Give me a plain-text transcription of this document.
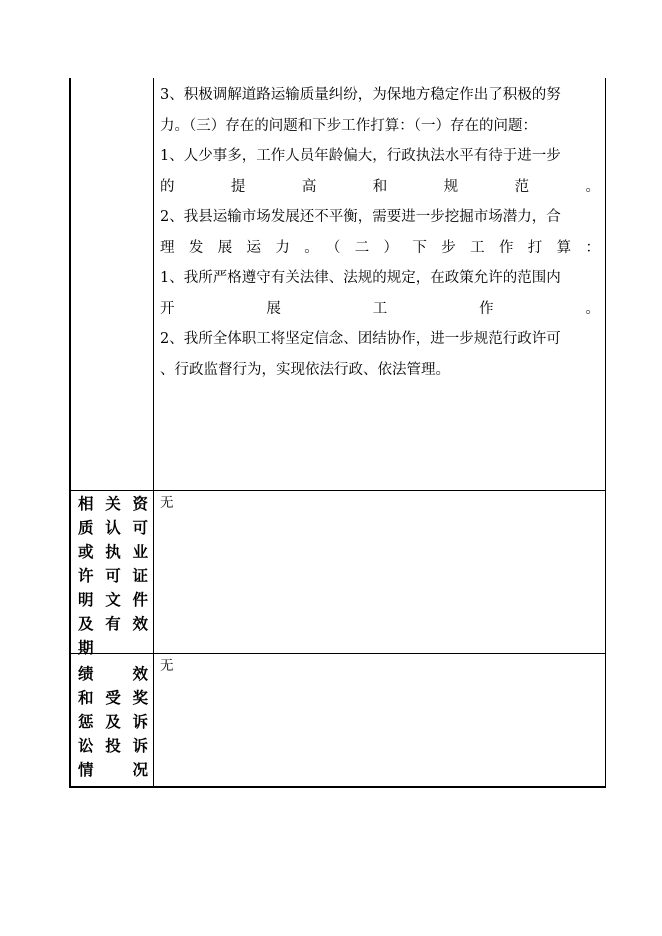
3、积极调解道路运输质量纠纷，为保地方稳定作出了积极的努
力。（三）存在的问题和下步工作打算：（一）存在的问题：
1、人少事多，工作人员年龄偏大，行政执法水平有待于进一步
的　　提　　高　　和　　规　　范　　。
2、我县运输市场发展还不平衡，需要进一步挖掘市场潜力，合
理发展运力。（二）下步工作打算：
1、我所严格遵守有关法律、法规的规定，在政策允许的范围内
开　　展　　工　　作　　。
2、我所全体职工将坚定信念、团结协作，进一步规范行政许可
、行政监督行为，实现依法行政、依法管理。
相关资
质认可
或执业
许可证
明文件
及有效
期
无
绩　效
和受奖
惩及诉
讼投诉
情　况
无
